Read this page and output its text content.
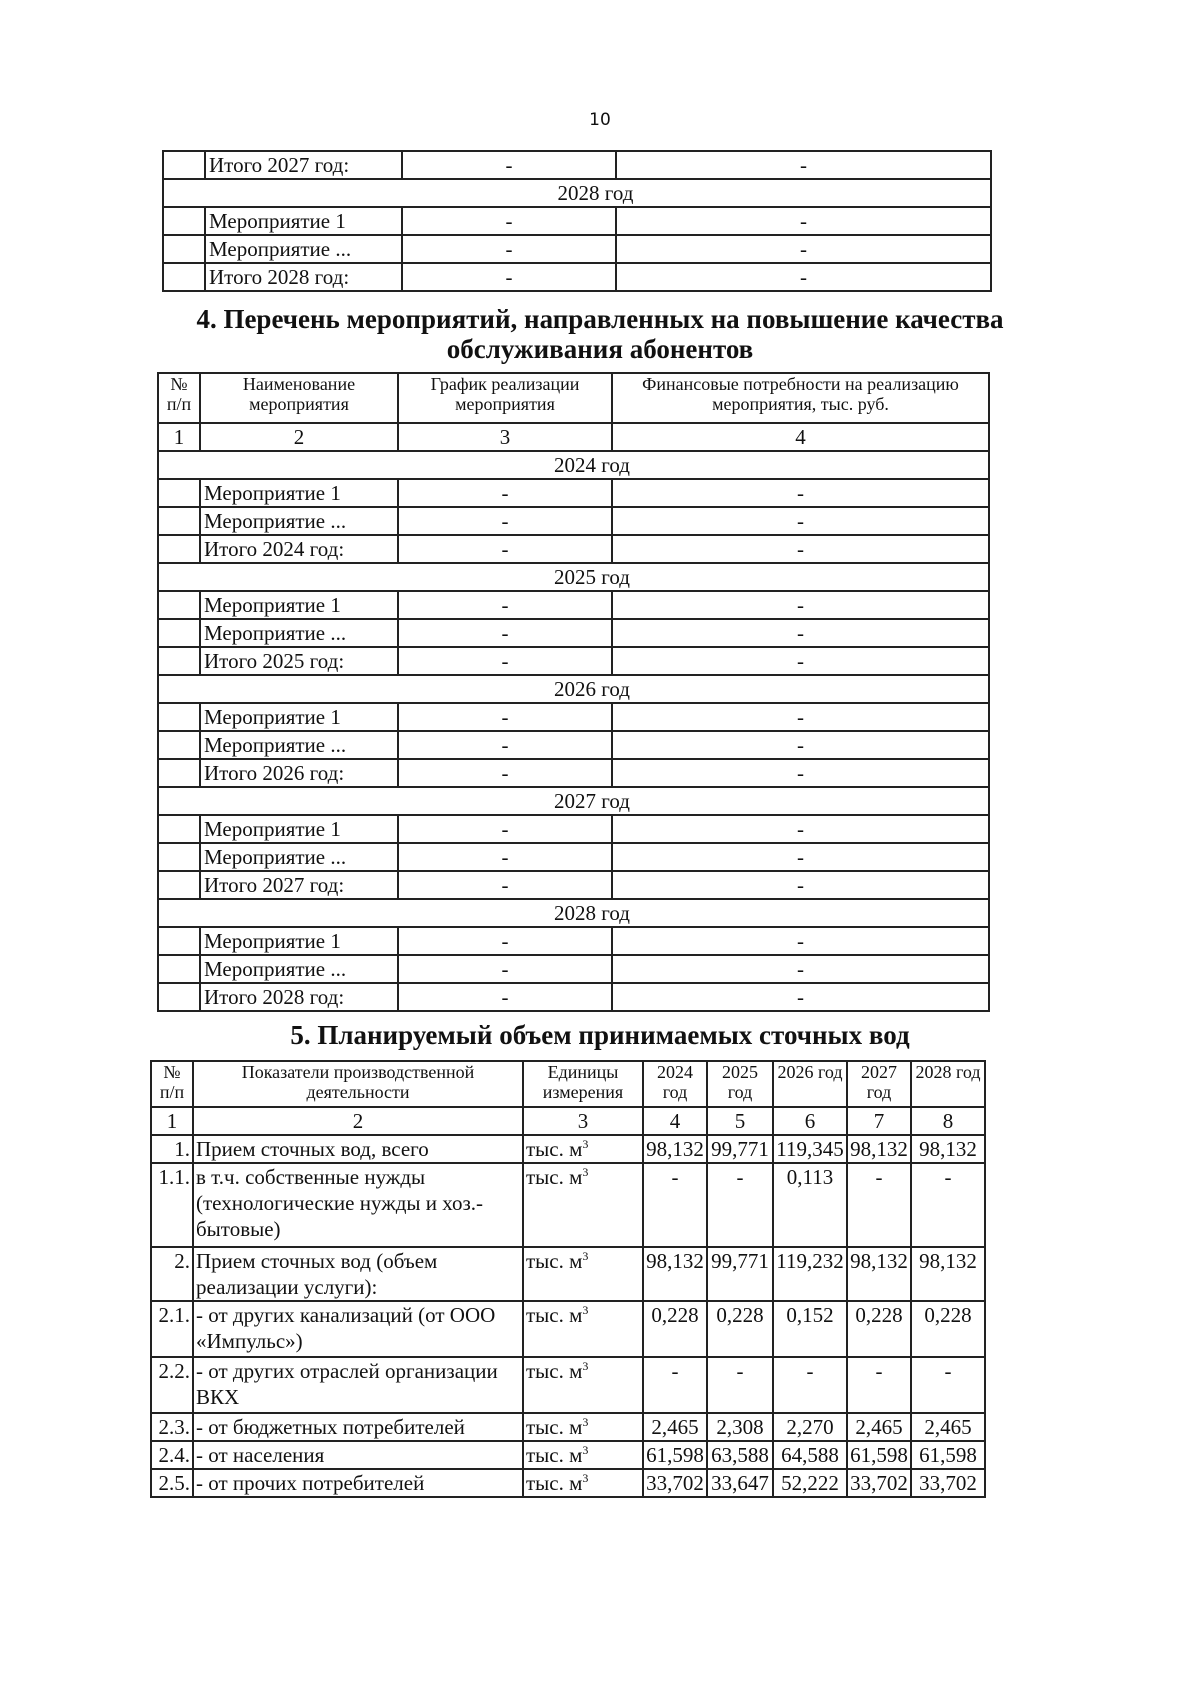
10
	Итого 2027 год:	-	-
2028 год			
	Мероприятие 1	-	-
	Мероприятие ...	-	-
	Итого 2028 год:	-	-
4. Перечень мероприятий, направленных на повышение качества
обслуживания абонентов
№ п/п	Наименование мероприятия	График реализации мероприятия	Финансовые потребности на реализацию мероприятия, тыс. руб.
1	2	3	4
2024 год			
	Мероприятие 1	-	-
	Мероприятие ...	-	-
	Итого 2024 год:	-	-
2025 год			
	Мероприятие 1	-	-
	Мероприятие ...	-	-
	Итого 2025 год:	-	-
2026 год			
	Мероприятие 1	-	-
	Мероприятие ...	-	-
	Итого 2026 год:	-	-
2027 год			
	Мероприятие 1	-	-
	Мероприятие ...	-	-
	Итого 2027 год:	-	-
2028 год			
	Мероприятие 1	-	-
	Мероприятие ...	-	-
	Итого 2028 год:	-	-
5. Планируемый объем принимаемых сточных вод
№ п/п	Показатели производственной деятельности	Единицы измерения	2024 год	2025 год	2026 год	2027 год	2028 год
1	2	3	4	5	6	7	8
1.	Прием сточных вод, всего	тыс. $м^3$	98,132	99,771	119,345	98,132	98,132
1.1.	в т.ч. собственные нужды (технологические нужды и хоз.-бытовые)	тыс. $м^3$	-	-	0,113	-	-
2.	Прием сточных вод (объем реализации услуги):	тыс. $м^3$	98,132	99,771	119,232	98,132	98,132
2.1.	- от других канализаций (от ООО «Импульс»)	тыс. $м^3$	0,228	0,228	0,152	0,228	0,228
2.2.	- от других отраслей организации ВКХ	тыс. $м^3$	-	-	-	-	-
2.3.	- от бюджетных потребителей	тыс. $м^3$	2,465	2,308	2,270	2,465	2,465
2.4.	- от населения	тыс. $м^3$	61,598	63,588	64,588	61,598	61,598
2.5.	- от прочих потребителей	тыс. $м^3$	33,702	33,647	52,222	33,702	33,702
